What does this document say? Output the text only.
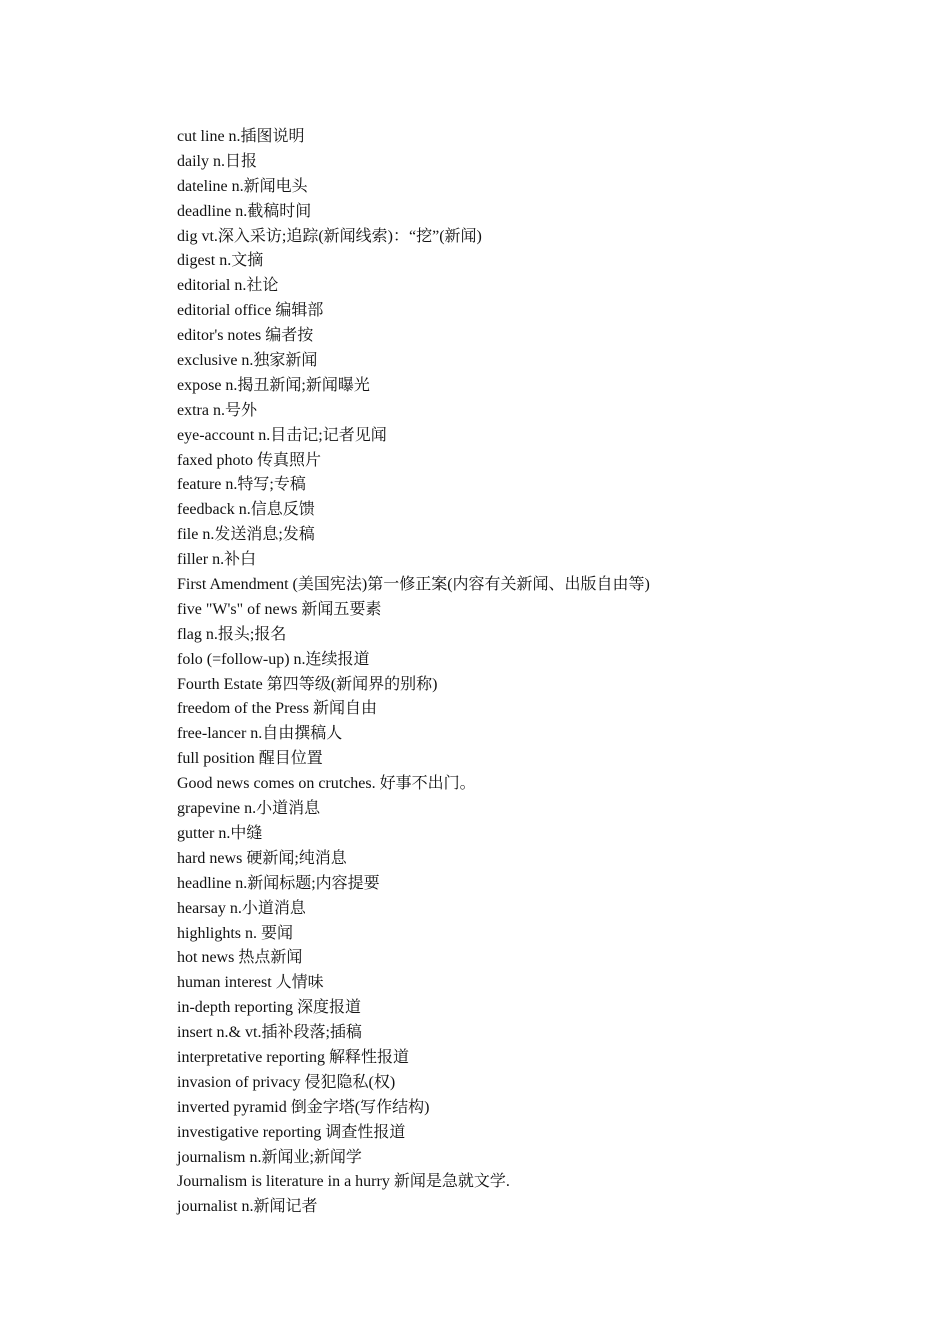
cut line n.插图说明
daily n.日报
dateline n.新闻电头
deadline n.截稿时间
dig vt.深入采访;追踪(新闻线索)：“挖”(新闻)
digest n.文摘
editorial n.社论
editorial office 编辑部
editor's notes 编者按
exclusive n.独家新闻
expose n.揭丑新闻;新闻曝光
extra n.号外
eye-account n.目击记;记者见闻
faxed photo 传真照片
feature n.特写;专稿
feedback n.信息反馈
file n.发送消息;发稿
filler n.补白
First Amendment (美国宪法)第一修正案(内容有关新闻、出版自由等)
five "W's" of news 新闻五要素
flag n.报头;报名
folo (=follow-up) n.连续报道
Fourth Estate 第四等级(新闻界的别称)
freedom of the Press 新闻自由
free-lancer n.自由撰稿人
full position 醒目位置
Good news comes on crutches. 好事不出门。
grapevine n.小道消息
gutter n.中缝
hard news 硬新闻;纯消息
headline n.新闻标题;内容提要
hearsay n.小道消息
highlights n. 要闻
hot news 热点新闻
human interest 人情味
in-depth reporting 深度报道
insert n.& vt.插补段落;插稿
interpretative reporting 解释性报道
invasion of privacy 侵犯隐私(权)
inverted pyramid 倒金字塔(写作结构)
investigative reporting 调查性报道
journalism n.新闻业;新闻学
Journalism is literature in a hurry 新闻是急就文学.
journalist n.新闻记者
